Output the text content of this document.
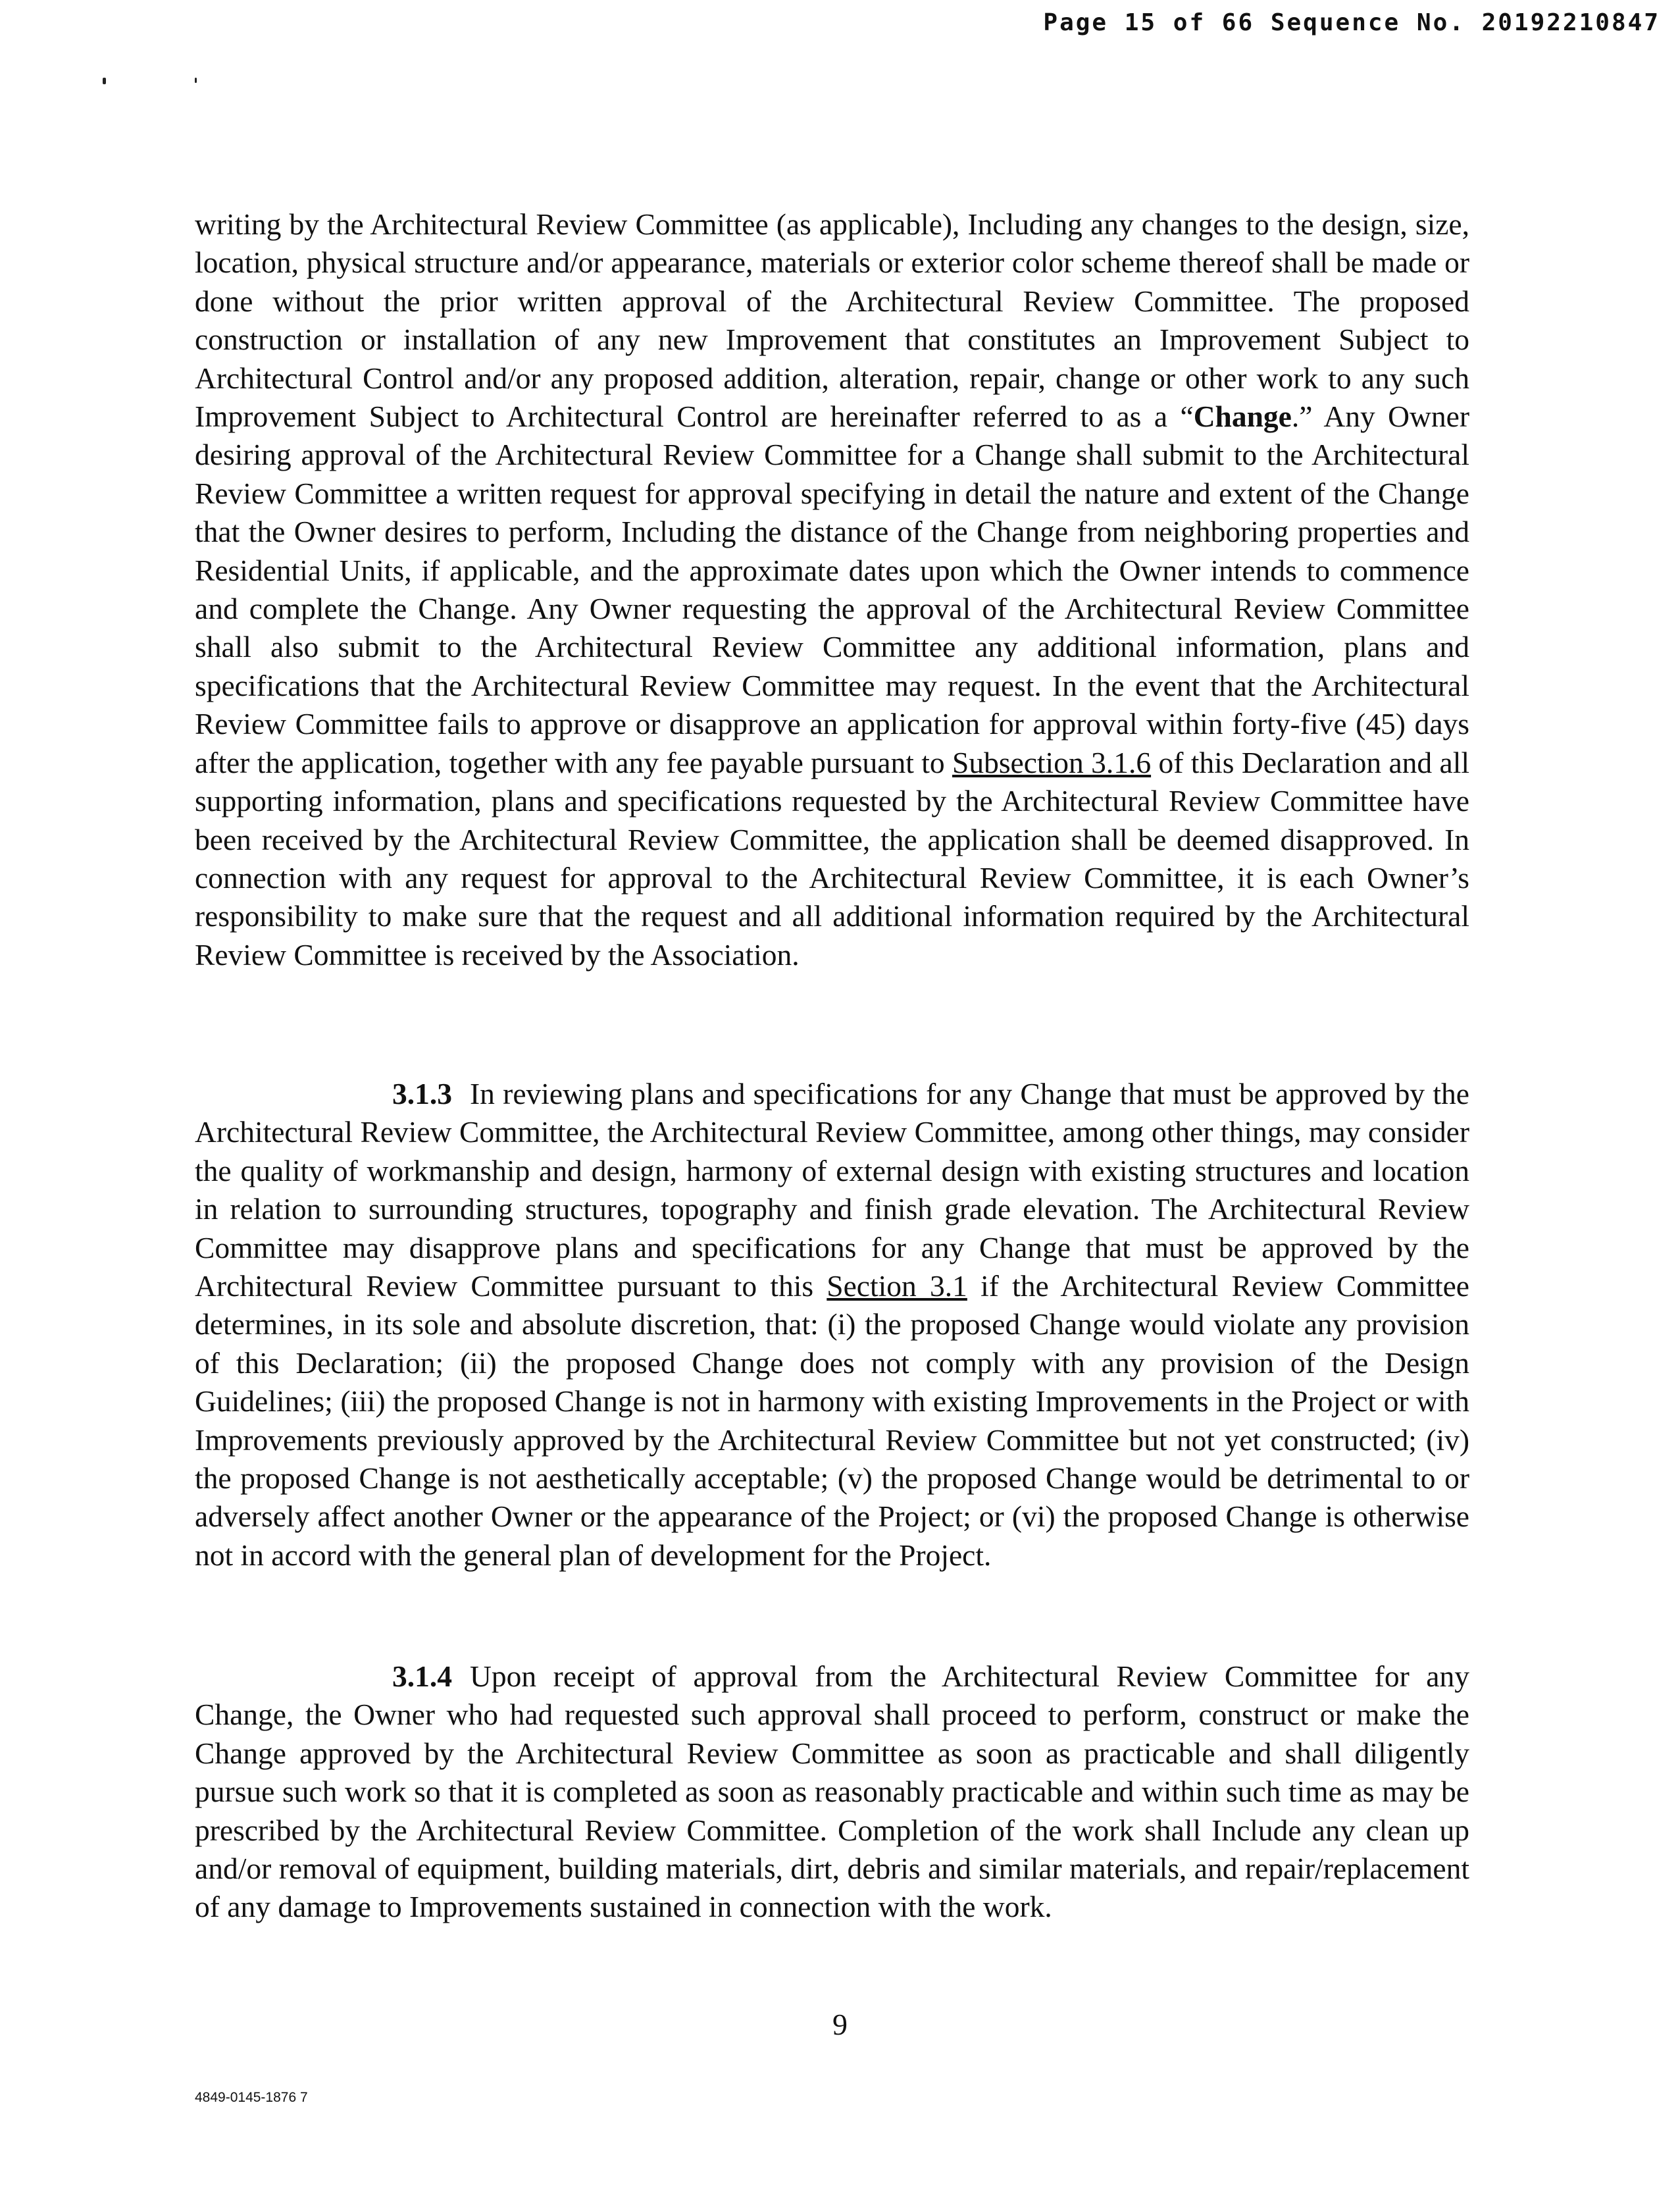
Page 15 of 66 Sequence No. 20192210847

writing by the Architectural Review Committee (as applicable), Including any changes to the design, size, location, physical structure and/or appearance, materials or exterior color scheme thereof shall be made or done without the prior written approval of the Architectural Review Committee. The proposed construction or installation of any new Improvement that constitutes an Improvement Subject to Architectural Control and/or any proposed addition, alteration, repair, change or other work to any such Improvement Subject to Architectural Control are hereinafter referred to as a “Change.” Any Owner desiring approval of the Architectural Review Committee for a Change shall submit to the Architectural Review Committee a written request for approval specifying in detail the nature and extent of the Change that the Owner desires to perform, Including the distance of the Change from neighboring properties and Residential Units, if applicable, and the approximate dates upon which the Owner intends to commence and complete the Change. Any Owner requesting the approval of the Architectural Review Committee shall also submit to the Architectural Review Committee any additional information, plans and specifications that the Architectural Review Committee may request. In the event that the Architectural Review Committee fails to approve or disapprove an application for approval within forty-five (45) days after the application, together with any fee payable pursuant to Subsection 3.1.6 of this Declaration and all supporting information, plans and specifications requested by the Architectural Review Committee have been received by the Architectural Review Committee, the application shall be deemed disapproved. In connection with any request for approval to the Architectural Review Committee, it is each Owner’s responsibility to make sure that the request and all additional information required by the Architectural Review Committee is received by the Association.

3.1.3 In reviewing plans and specifications for any Change that must be approved by the Architectural Review Committee, the Architectural Review Committee, among other things, may consider the quality of workmanship and design, harmony of external design with existing structures and location in relation to surrounding structures, topography and finish grade elevation. The Architectural Review Committee may disapprove plans and specifications for any Change that must be approved by the Architectural Review Committee pursuant to this Section 3.1 if the Architectural Review Committee determines, in its sole and absolute discretion, that: (i) the proposed Change would violate any provision of this Declaration; (ii) the proposed Change does not comply with any provision of the Design Guidelines; (iii) the proposed Change is not in harmony with existing Improvements in the Project or with Improvements previously approved by the Architectural Review Committee but not yet constructed; (iv) the proposed Change is not aesthetically acceptable; (v) the proposed Change would be detrimental to or adversely affect another Owner or the appearance of the Project; or (vi) the proposed Change is otherwise not in accord with the general plan of development for the Project.

3.1.4 Upon receipt of approval from the Architectural Review Committee for any Change, the Owner who had requested such approval shall proceed to perform, construct or make the Change approved by the Architectural Review Committee as soon as practicable and shall diligently pursue such work so that it is completed as soon as reasonably practicable and within such time as may be prescribed by the Architectural Review Committee. Completion of the work shall Include any clean up and/or removal of equipment, building materials, dirt, debris and similar materials, and repair/replacement of any damage to Improvements sustained in connection with the work.

9
4849-0145-1876 7
